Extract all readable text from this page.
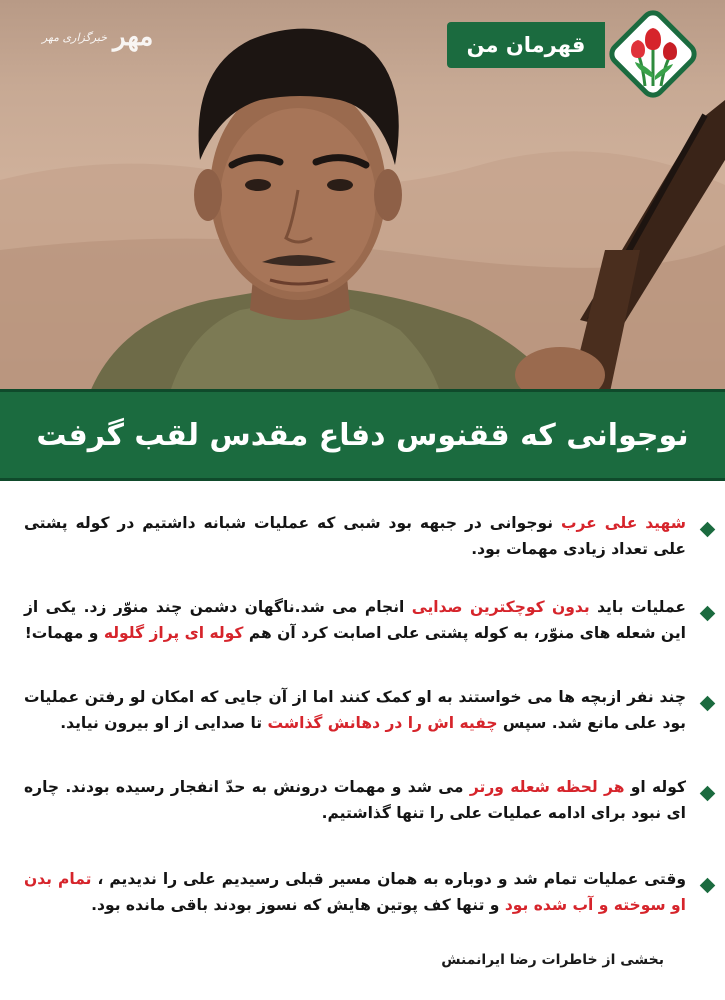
خبرگزاری مهر مهر	قهرمان من
نوجوانی که ققنوس دفاع مقدس لقب گرفت
شهید علی عرب نوجوانی در جبهه بود شبی که عملیات شبانه داشتیم در کوله پشتی علی تعداد زیادی مهمات بود.
عملیات باید بدون کوچکترین صدایی انجام می شد.ناگهان دشمن چند منوّر زد. یکی از این شعله های منوّر، به کوله پشتی علی اصابت کرد آن هم کوله ای پراز گلوله و مهمات!
چند نفر ازبچه ها می خواستند به او کمک کنند اما از آن جایی که امکان لو رفتن عملیات بود علی مانع شد. سپس چفیه اش را در دهانش گذاشت تا صدایی از او بیرون نیاید.
کوله او هر لحظه شعله ورتر می شد و مهمات درونش به حدّ انفجار رسیده بودند. چاره ای نبود برای ادامه عملیات علی را تنها گذاشتیم.
وقتی عملیات تمام شد و دوباره به همان مسیر قبلی رسیدیم علی را ندیدیم ، تمام بدن او سوخته و آب شده بود و تنها کف پوتین هایش که نسوز بودند باقی مانده بود.
بخشی از خاطرات رضا ایرانمنش
